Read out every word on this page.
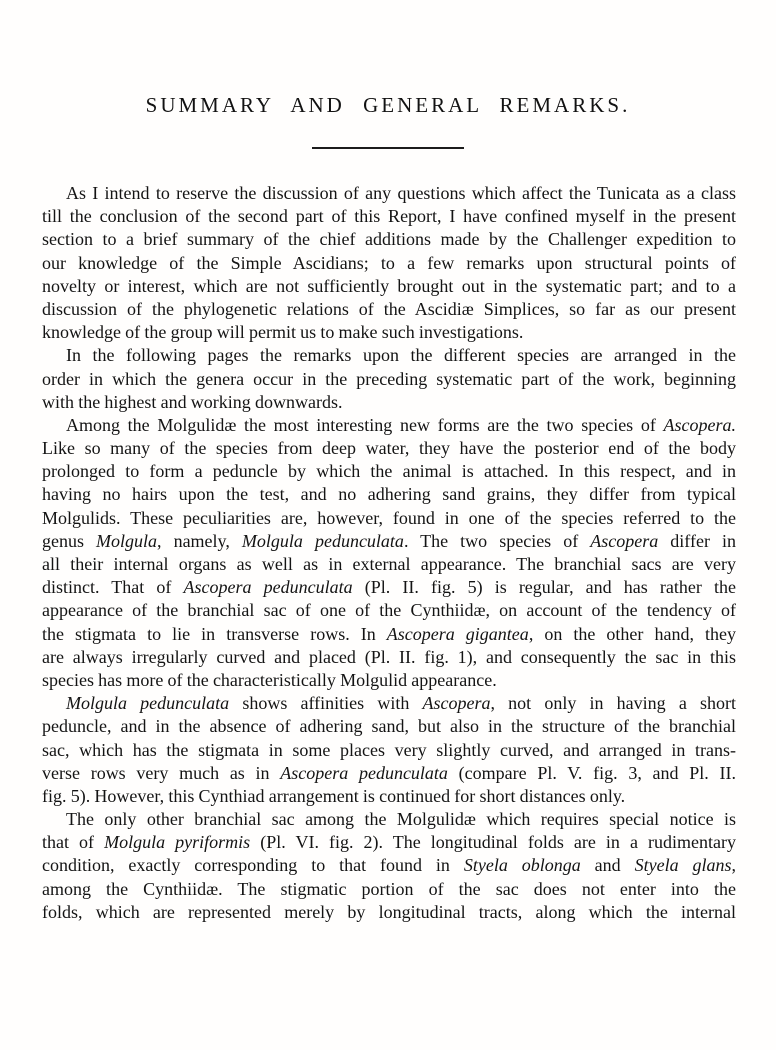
SUMMARY AND GENERAL REMARKS.
As I intend to reserve the discussion of any questions which affect the Tunicata as a class
till the conclusion of the second part of this Report, I have confined myself in the present
section to a brief summary of the chief additions made by the Challenger expedition to
our knowledge of the Simple Ascidians; to a few remarks upon structural points of
novelty or interest, which are not sufficiently brought out in the systematic part; and to a
discussion of the phylogenetic relations of the Ascidiæ Simplices, so far as our present
knowledge of the group will permit us to make such investigations.
In the following pages the remarks upon the different species are arranged in the
order in which the genera occur in the preceding systematic part of the work, beginning
with the highest and working downwards.
Among the Molgulidæ the most interesting new forms are the two species of Ascopera.
Like so many of the species from deep water, they have the posterior end of the body
prolonged to form a peduncle by which the animal is attached. In this respect, and in
having no hairs upon the test, and no adhering sand grains, they differ from typical
Molgulids. These peculiarities are, however, found in one of the species referred to the
genus Molgula, namely, Molgula pedunculata. The two species of Ascopera differ in
all their internal organs as well as in external appearance. The branchial sacs are very
distinct. That of Ascopera pedunculata (Pl. II. fig. 5) is regular, and has rather the
appearance of the branchial sac of one of the Cynthiidæ, on account of the tendency of
the stigmata to lie in transverse rows. In Ascopera gigantea, on the other hand, they
are always irregularly curved and placed (Pl. II. fig. 1), and consequently the sac in this
species has more of the characteristically Molgulid appearance.
Molgula pedunculata shows affinities with Ascopera, not only in having a short
peduncle, and in the absence of adhering sand, but also in the structure of the branchial
sac, which has the stigmata in some places very slightly curved, and arranged in trans-
verse rows very much as in Ascopera pedunculata (compare Pl. V. fig. 3, and Pl. II.
fig. 5). However, this Cynthiad arrangement is continued for short distances only.
The only other branchial sac among the Molgulidæ which requires special notice is
that of Molgula pyriformis (Pl. VI. fig. 2). The longitudinal folds are in a rudimentary
condition, exactly corresponding to that found in Styela oblonga and Styela glans,
among the Cynthiidæ. The stigmatic portion of the sac does not enter into the
folds, which are represented merely by longitudinal tracts, along which the internal
